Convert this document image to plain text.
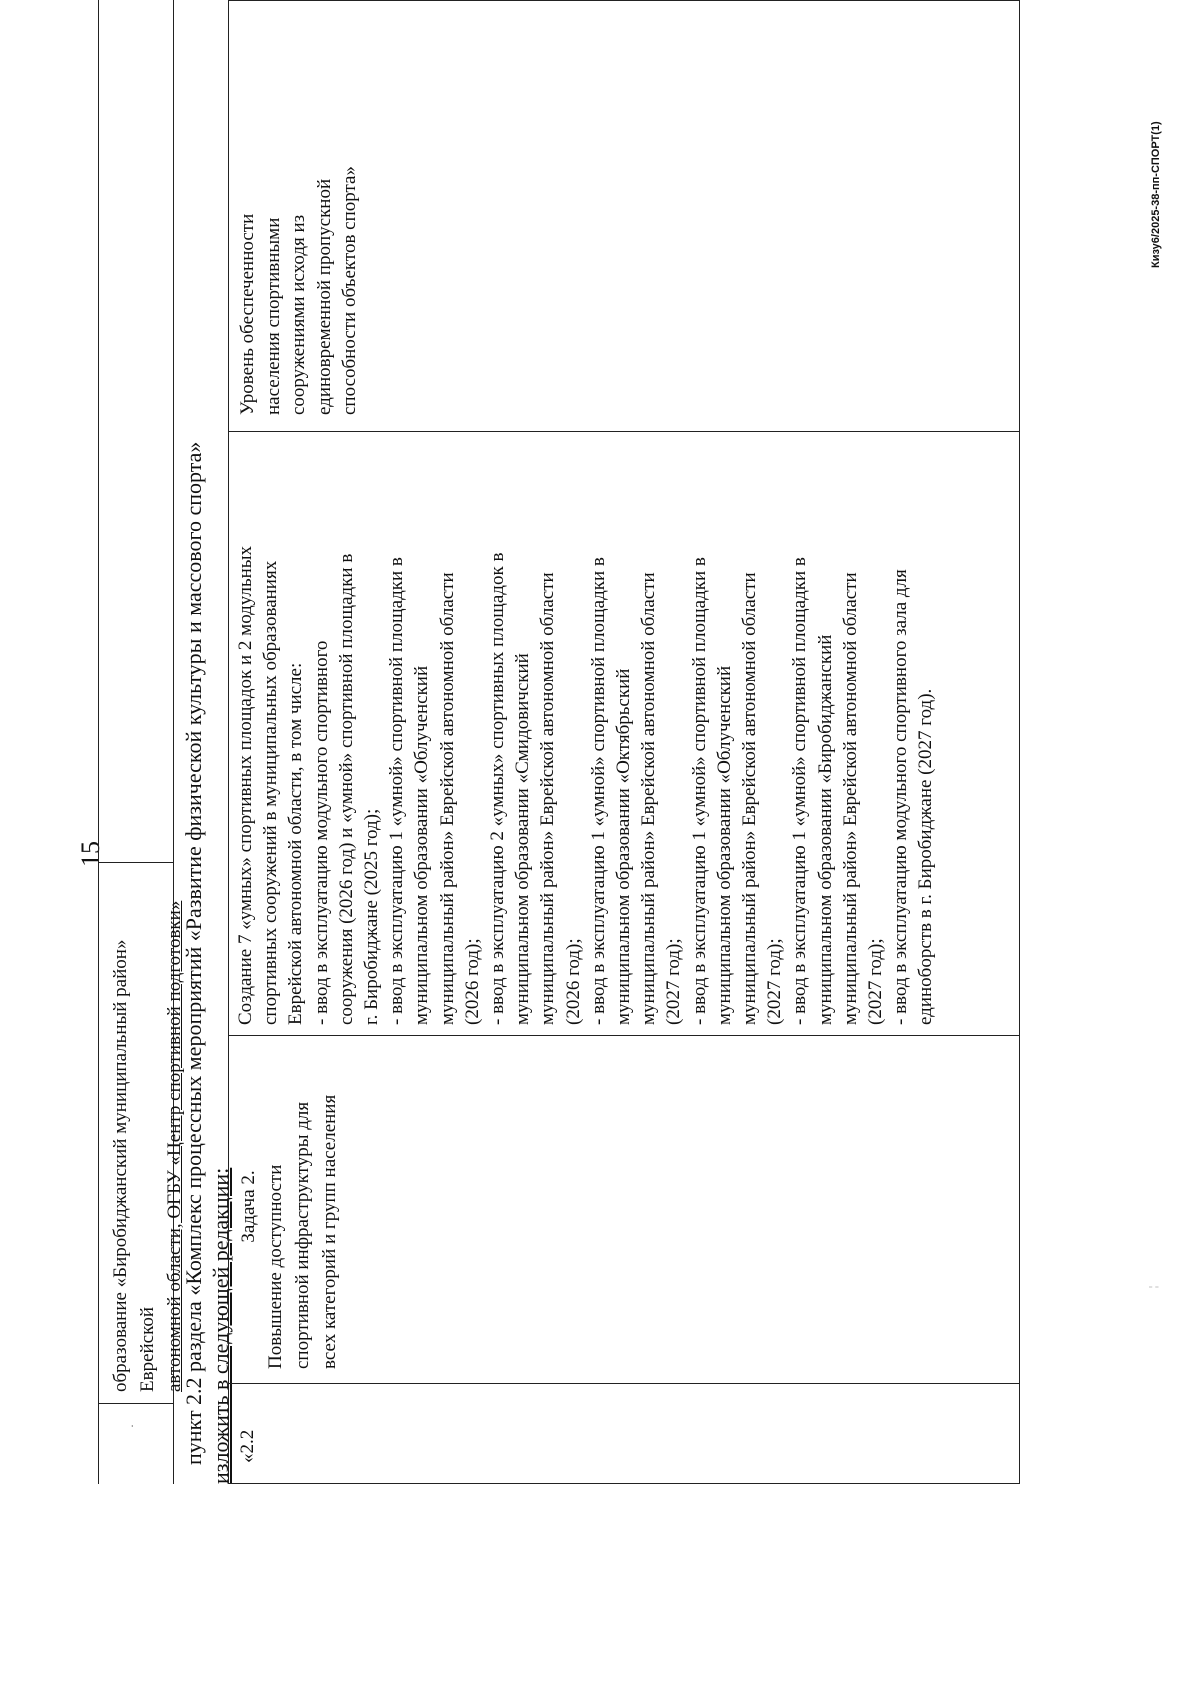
15
·
образование «Биробиджанский муниципальный район» Еврейской автономной области, ОГБУ «Центр спортивной подготовки»
пункт 2.2 раздела «Комплекс процессных мероприятий «Развитие физической культуры и массового спорта» изложить в следующей редакции: «2.2
Задача 2. Повышение доступности спортивной инфраструктуры для всех категорий и групп населения
Создание 7 «умных» спортивных площадок и 2 модульных спортивных сооружений в муниципальных образованиях Еврейской автономной области, в том числе: - ввод в эксплуатацию модульного спортивного сооружения (2026 год) и «умной» спортивной площадки в г. Биробиджане (2025 год); - ввод в эксплуатацию 1 «умной» спортивной площадки в муниципальном образовании «Облученский муниципальный район» Еврейской автономной области (2026 год); - ввод в эксплуатацию 2 «умных» спортивных площадок в муниципальном образовании «Смидовичский муниципальный район» Еврейской автономной области (2026 год); - ввод в эксплуатацию 1 «умной» спортивной площадки в муниципальном образовании «Октябрьский муниципальный район» Еврейской автономной области (2027 год); - ввод в эксплуатацию 1 «умной» спортивной площадки в муниципальном образовании «Облученский муниципальный район» Еврейской автономной области (2027 год); - ввод в эксплуатацию 1 «умной» спортивной площадки в муниципальном образовании «Биробиджанский муниципальный район» Еврейской автономной области (2027 год); - ввод в эксплуатацию модульного спортивного зала для единоборств в г. Биробиджане (2027 год).
Уровень обеспеченности населения спортивными сооружениями исходя из единовременной пропускной способности объектов спорта»	Кизу6/2025-38-пп-СПОРТ(1)
¦
